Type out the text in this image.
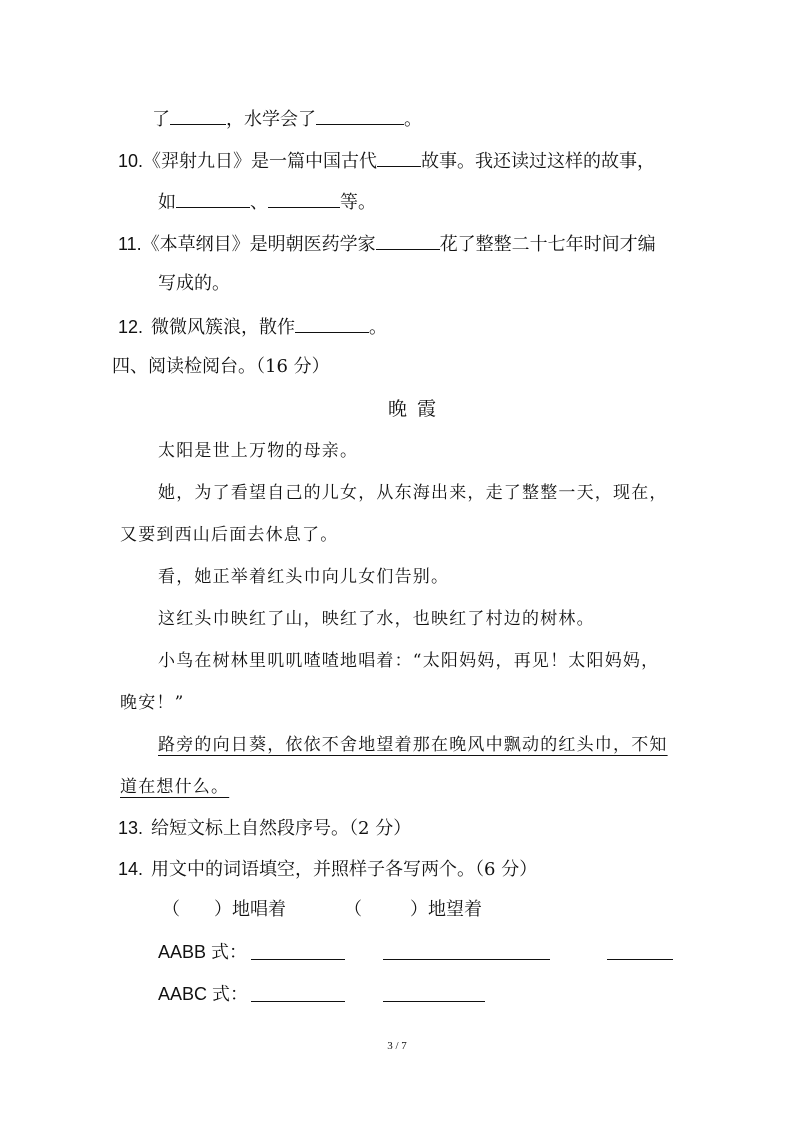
了	，水学会了	。
10.《羿射九日》是一篇中国古代 故事。我还读过这样的故事，
如	、	等。
11.《本草纲目》是明朝医药学家	花了整整二十七年时间才编
写成的。
12. 微微风簇浪，散作	。
四、阅读检阅台。（16 分）
晚 霞
太阳是世上万物的母亲。
她，为了看望自己的儿女，从东海出来，走了整整一天，现在，
又要到西山后面去休息了。
看，她正举着红头巾向儿女们告别。
这红头巾映红了山，映红了水，也映红了村边的树林。
小鸟在树林里叽叽喳喳地唱着：“太阳妈妈，再见！太阳妈妈，
晚安！”
路旁的向日葵，依依不舍地望着那在晚风中飘动的红头巾，不知
道在想什么。
13. 给短文标上自然段序号。（2 分）
14. 用文中的词语填空，并照样子各写两个。（6 分）
（ ）地唱着	（	）地望着
AABB 式：
AABC 式：
3 / 7
